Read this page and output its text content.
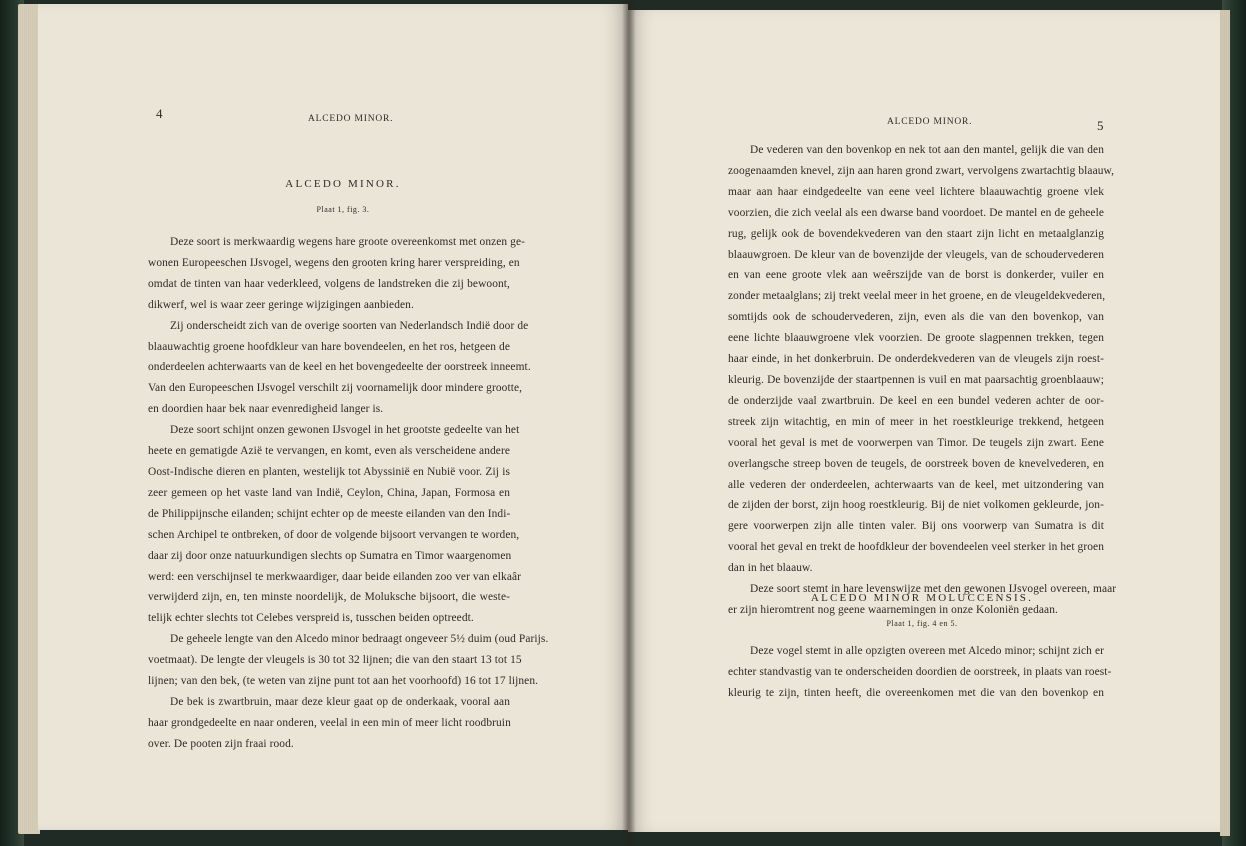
4	ALCEDO MINOR.
ALCEDO MINOR.
Plaat 1, fig. 3.
Deze soort is merkwaardig wegens hare groote overeenkomst met onzen ge-
wonen Europeeschen IJsvogel, wegens den grooten kring harer verspreiding, en
omdat de tinten van haar vederkleed, volgens de landstreken die zij bewoont,
dikwerf, wel is waar zeer geringe wijzigingen aanbieden.
Zij onderscheidt zich van de overige soorten van Nederlandsch Indië door de
blaauwachtig groene hoofdkleur van hare bovendeelen, en het ros, hetgeen de
onderdeelen achterwaarts van de keel en het bovengedeelte der oorstreek inneemt.
Van den Europeeschen IJsvogel verschilt zij voornamelijk door mindere grootte,
en doordien haar bek naar evenredigheid langer is.
Deze soort schijnt onzen gewonen IJsvogel in het grootste gedeelte van het
heete en gematigde Azië te vervangen, en komt, even als verscheidene andere
Oost-Indische dieren en planten, westelijk tot Abyssinië en Nubië voor. Zij is
zeer gemeen op het vaste land van Indië, Ceylon, China, Japan, Formosa en
de Philippijnsche eilanden; schijnt echter op de meeste eilanden van den Indi-
schen Archipel te ontbreken, of door de volgende bijsoort vervangen te worden,
daar zij door onze natuurkundigen slechts op Sumatra en Timor waargenomen
werd: een verschijnsel te merkwaardiger, daar beide eilanden zoo ver van elkaâr
verwijderd zijn, en, ten minste noordelijk, de Moluksche bijsoort, die weste-
telijk echter slechts tot Celebes verspreid is, tusschen beiden optreedt.
De geheele lengte van den Alcedo minor bedraagt ongeveer 5½ duim (oud Parijs.
voetmaat). De lengte der vleugels is 30 tot 32 lijnen; die van den staart 13 tot 15
lijnen; van den bek, (te weten van zijne punt tot aan het voorhoofd) 16 tot 17 lijnen.
De bek is zwartbruin, maar deze kleur gaat op de onderkaak, vooral aan
haar grondgedeelte en naar onderen, veelal in een min of meer licht roodbruin
over. De pooten zijn fraai rood.
ALCEDO MINOR.	5
De vederen van den bovenkop en nek tot aan den mantel, gelijk die van den
zoogenaamden knevel, zijn aan haren grond zwart, vervolgens zwartachtig blaauw,
maar aan haar eindgedeelte van eene veel lichtere blaauwachtig groene vlek
voorzien, die zich veelal als een dwarse band voordoet. De mantel en de geheele
rug, gelijk ook de bovendekvederen van den staart zijn licht en metaalglanzig
blaauwgroen. De kleur van de bovenzijde der vleugels, van de schoudervederen
en van eene groote vlek aan weêrszijde van de borst is donkerder, vuiler en
zonder metaalglans; zij trekt veelal meer in het groene, en de vleugeldekvederen,
somtijds ook de schoudervederen, zijn, even als die van den bovenkop, van
eene lichte blaauwgroene vlek voorzien. De groote slagpennen trekken, tegen
haar einde, in het donkerbruin. De onderdekvederen van de vleugels zijn roest-
kleurig. De bovenzijde der staartpennen is vuil en mat paarsachtig groenblaauw;
de onderzijde vaal zwartbruin. De keel en een bundel vederen achter de oor-
streek zijn witachtig, en min of meer in het roestkleurige trekkend, hetgeen
vooral het geval is met de voorwerpen van Timor. De teugels zijn zwart. Eene
overlangsche streep boven de teugels, de oorstreek boven de knevelvederen, en
alle vederen der onderdeelen, achterwaarts van de keel, met uitzondering van
de zijden der borst, zijn hoog roestkleurig. Bij de niet volkomen gekleurde, jon-
gere voorwerpen zijn alle tinten valer. Bij ons voorwerp van Sumatra is dit
vooral het geval en trekt de hoofdkleur der bovendeelen veel sterker in het groen
dan in het blaauw.
Deze soort stemt in hare levenswijze met den gewonen IJsvogel overeen, maar
er zijn hieromtrent nog geene waarnemingen in onze Koloniën gedaan.
ALCEDO MINOR MOLUCCENSIS.
Plaat 1, fig. 4 en 5.
Deze vogel stemt in alle opzigten overeen met Alcedo minor; schijnt zich er
echter standvastig van te onderscheiden doordien de oorstreek, in plaats van roest-
kleurig te zijn, tinten heeft, die overeenkomen met die van den bovenkop en
